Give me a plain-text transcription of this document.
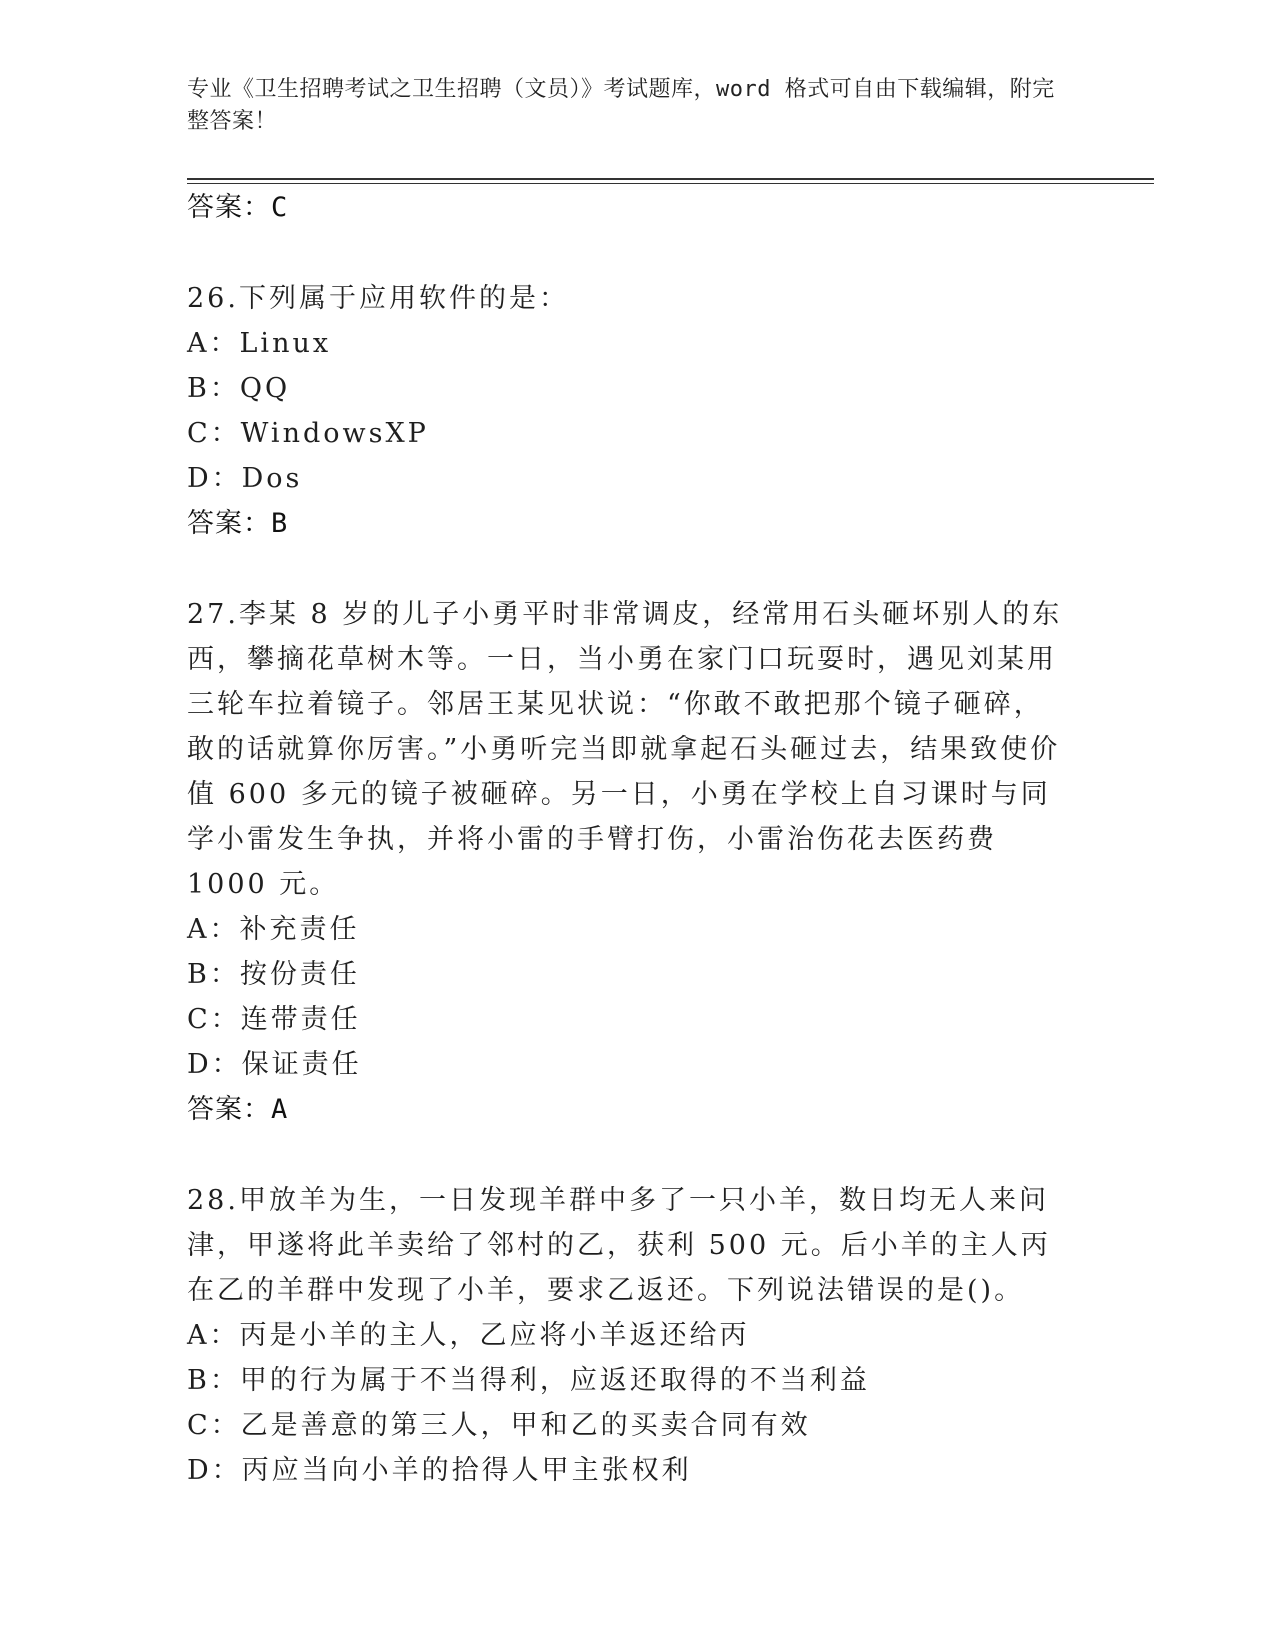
专业《卫生招聘考试之卫生招聘（文员）》考试题库，word 格式可自由下载编辑，附完整答案！
答案：C
26.下列属于应用软件的是：
A：Linux
B：QQ
C：WindowsXP
D：Dos
答案：B
27.李某 8 岁的儿子小勇平时非常调皮，经常用石头砸坏别人的东西，攀摘花草树木等。一日，当小勇在家门口玩耍时，遇见刘某用三轮车拉着镜子。邻居王某见状说：“你敢不敢把那个镜子砸碎，敢的话就算你厉害。”小勇听完当即就拿起石头砸过去，结果致使价值 600 多元的镜子被砸碎。另一日，小勇在学校上自习课时与同学小雷发生争执，并将小雷的手臂打伤，小雷治伤花去医药费 1000 元。
A：补充责任
B：按份责任
C：连带责任
D：保证责任
答案：A
28.甲放羊为生，一日发现羊群中多了一只小羊，数日均无人来问津，甲遂将此羊卖给了邻村的乙，获利 500 元。后小羊的主人丙在乙的羊群中发现了小羊，要求乙返还。下列说法错误的是()。
A：丙是小羊的主人，乙应将小羊返还给丙
B：甲的行为属于不当得利，应返还取得的不当利益
C：乙是善意的第三人，甲和乙的买卖合同有效
D：丙应当向小羊的拾得人甲主张权利
